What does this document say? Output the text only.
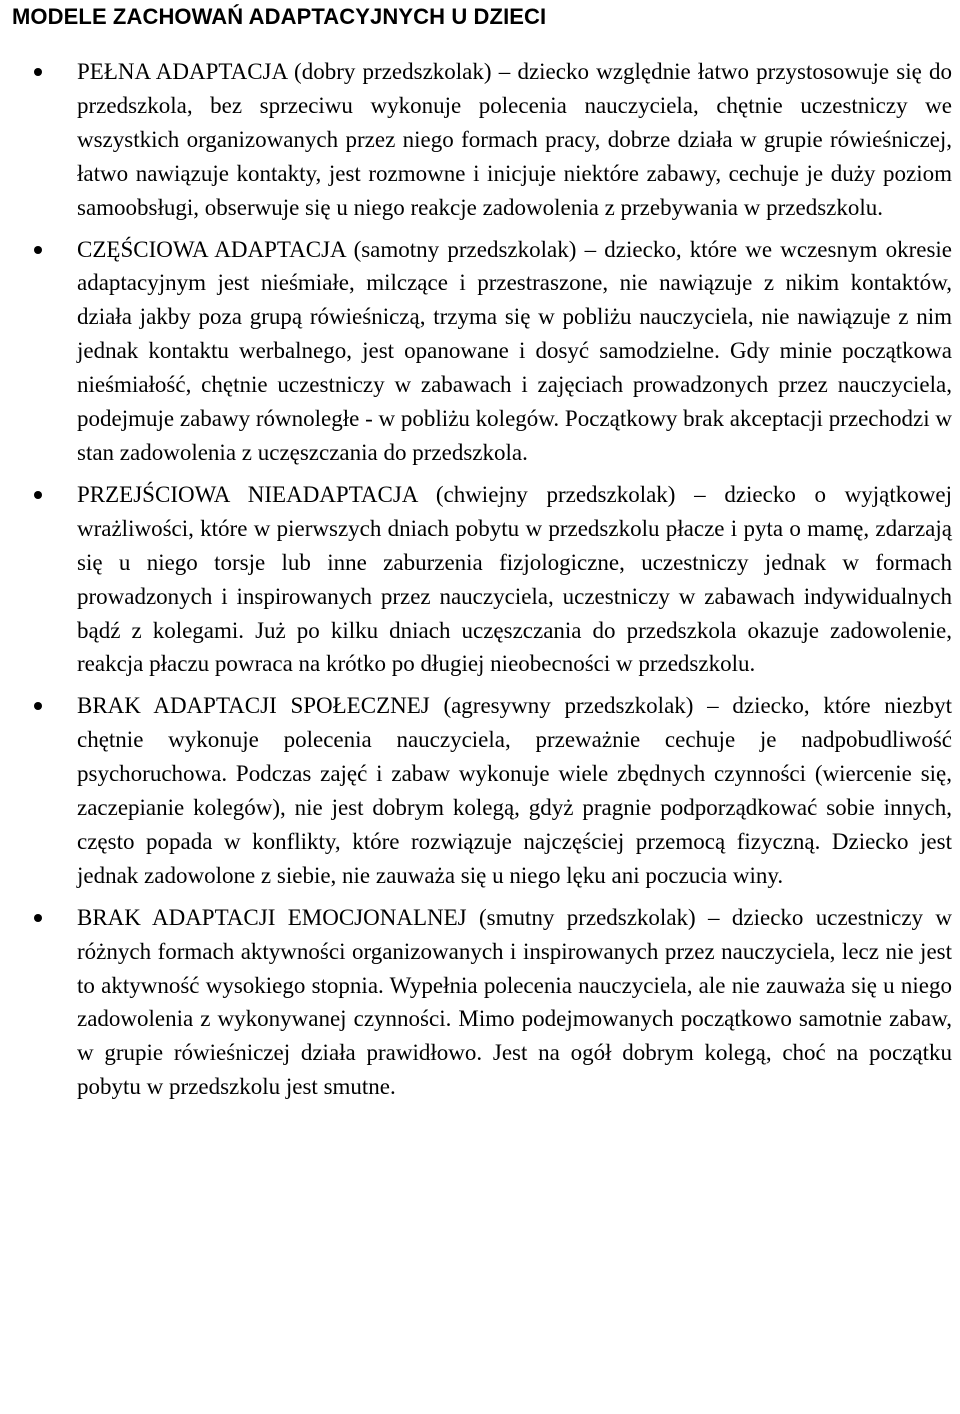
MODELE ZACHOWAŃ ADAPTACYJNYCH U DZIECI
PEŁNA ADAPTACJA (dobry przedszkolak) – dziecko względnie łatwo przystosowuje się do przedszkola, bez sprzeciwu wykonuje polecenia nauczyciela, chętnie uczestniczy we wszystkich organizowanych przez niego formach pracy, dobrze działa w grupie rówieśniczej, łatwo nawiązuje kontakty, jest rozmowne i inicjuje niektóre zabawy, cechuje je duży poziom samoobsługi, obserwuje się u niego reakcje zadowolenia z przebywania w przedszkolu.
CZĘŚCIOWA ADAPTACJA (samotny przedszkolak) – dziecko, które we wczesnym okresie adaptacyjnym jest nieśmiałe, milczące i przestraszone, nie nawiązuje z nikim kontaktów, działa jakby poza grupą rówieśniczą, trzyma się w pobliżu nauczyciela, nie nawiązuje z nim jednak kontaktu werbalnego, jest opanowane i dosyć samodzielne. Gdy minie początkowa nieśmiałość, chętnie uczestniczy w zabawach i zajęciach prowadzonych przez nauczyciela, podejmuje zabawy równoległe - w pobliżu kolegów. Początkowy brak akceptacji przechodzi w stan zadowolenia z uczęszczania do przedszkola.
PRZEJŚCIOWA NIEADAPTACJA (chwiejny przedszkolak) – dziecko o wyjątkowej wrażliwości, które w pierwszych dniach pobytu w przedszkolu płacze i pyta o mamę, zdarzają się u niego torsje lub inne zaburzenia fizjologiczne, uczestniczy jednak w formach prowadzonych i inspirowanych przez nauczyciela, uczestniczy w zabawach indywidualnych bądź z kolegami. Już po kilku dniach uczęszczania do przedszkola okazuje zadowolenie, reakcja płaczu powraca na krótko po długiej nieobecności w przedszkolu.
BRAK ADAPTACJI SPOŁECZNEJ (agresywny przedszkolak) – dziecko, które niezbyt chętnie wykonuje polecenia nauczyciela, przeważnie cechuje je nadpobudliwość psychoruchowa. Podczas zajęć i zabaw wykonuje wiele zbędnych czynności (wiercenie się, zaczepianie kolegów), nie jest dobrym kolegą, gdyż pragnie podporządkować sobie innych, często popada w konflikty, które rozwiązuje najczęściej przemocą fizyczną. Dziecko jest jednak zadowolone z siebie, nie zauważa się u niego lęku ani poczucia winy.
BRAK ADAPTACJI EMOCJONALNEJ (smutny przedszkolak) – dziecko uczestniczy w różnych formach aktywności organizowanych i inspirowanych przez nauczyciela, lecz nie jest to aktywność wysokiego stopnia. Wypełnia polecenia nauczyciela, ale nie zauważa się u niego zadowolenia z wykonywanej czynności. Mimo podejmowanych początkowo samotnie zabaw, w grupie rówieśniczej działa prawidłowo. Jest na ogół dobrym kolegą, choć na początku pobytu w przedszkolu jest smutne.
